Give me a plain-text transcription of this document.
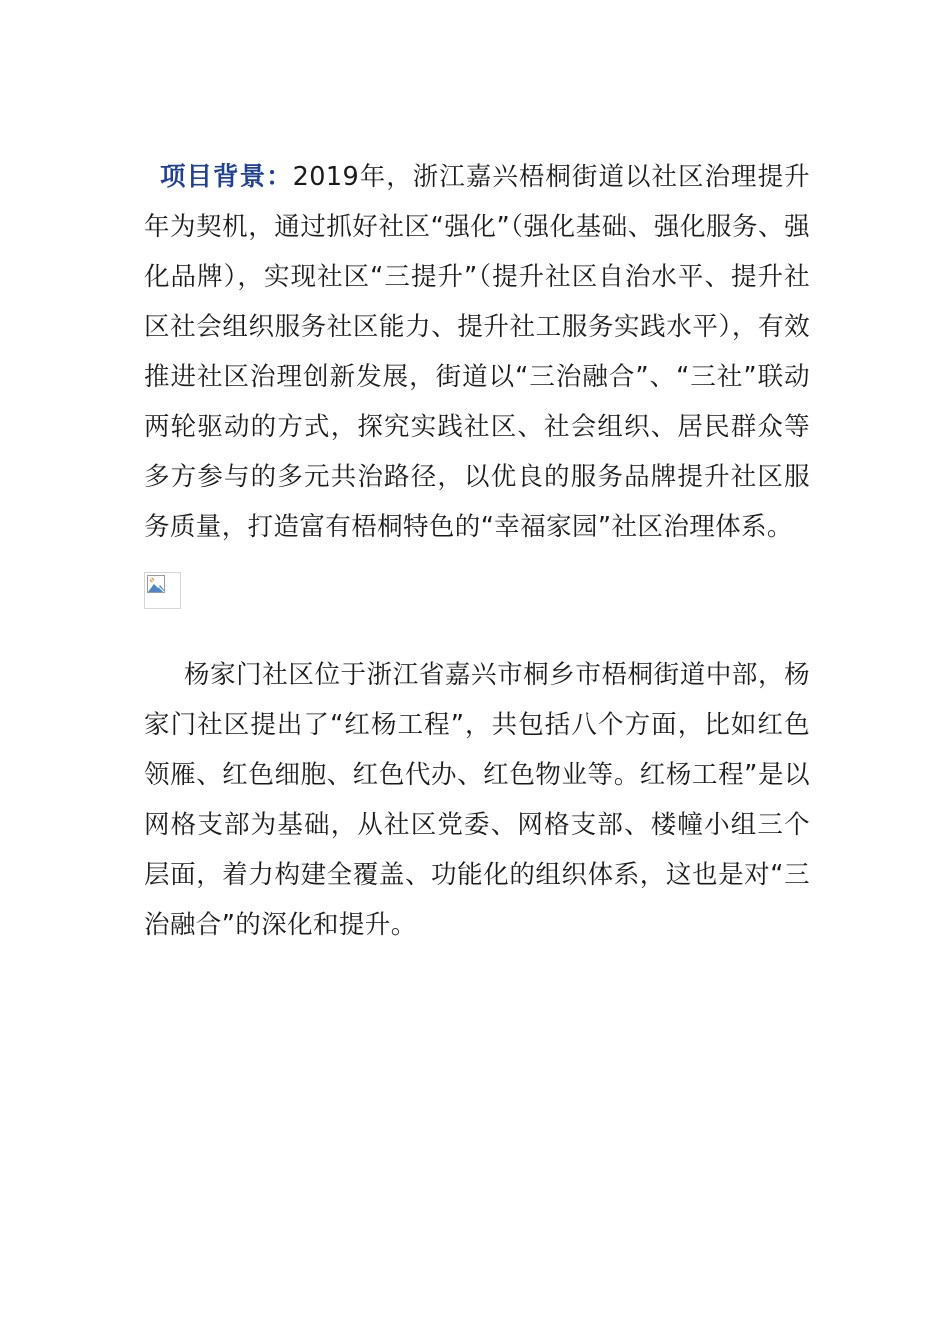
项目背景：2019年，浙江嘉兴梧桐街道以社区治理提升年为契机，通过抓好社区“强化”（强化基础、强化服务、强化品牌），实现社区“三提升”（提升社区自治水平、提升社区社会组织服务社区能力、提升社工服务实践水平），有效推进社区治理创新发展，街道以“三治融合”、“三社”联动两轮驱动的方式，探究实践社区、社会组织、居民群众等多方参与的多元共治路径，以优良的服务品牌提升社区服务质量，打造富有梧桐特色的“幸福家园”社区治理体系。

杨家门社区位于浙江省嘉兴市桐乡市梧桐街道中部，杨家门社区提出了“红杨工程”，共包括八个方面，比如红色领雁、红色细胞、红色代办、红色物业等。红杨工程”是以网格支部为基础，从社区党委、网格支部、楼幢小组三个层面，着力构建全覆盖、功能化的组织体系，这也是对“三治融合”的深化和提升。
